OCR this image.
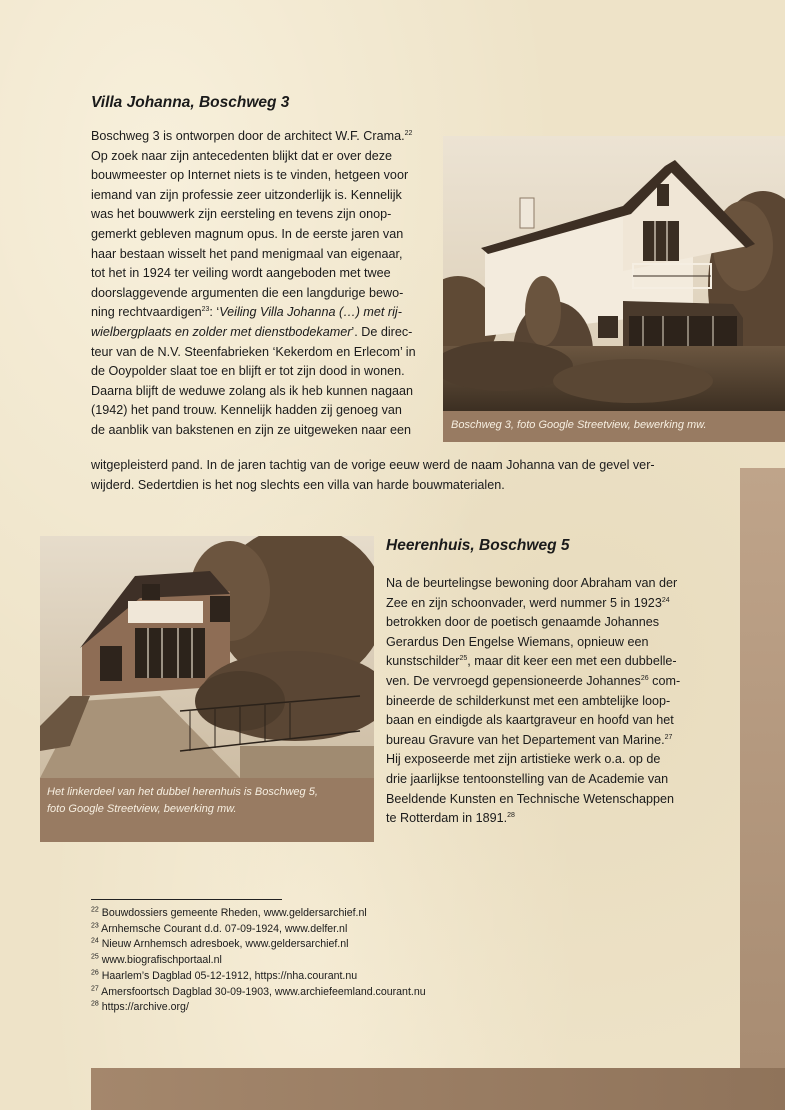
Villa Johanna, Boschweg 3
Boschweg 3 is ontworpen door de architect W.F. Crama.$^{22}$
Op zoek naar zijn antecedenten blijkt dat er over deze
bouwmeester op Internet niets is te vinden, hetgeen voor
iemand van zijn professie zeer uitzonderlijk is. Kennelijk
was het bouwwerk zijn eersteling en tevens zijn onop-
gemerkt gebleven magnum opus. In de eerste jaren van
haar bestaan wisselt het pand menigmaal van eigenaar,
tot het in 1924 ter veiling wordt aangeboden met twee
doorslaggevende argumenten die een langdurige bewo-
ning rechtvaardigen$^{23}$: ‘Veiling Villa Johanna (…) met rij-
wielbergplaats en zolder met dienstbodekamer’. De direc-
teur van de N.V. Steenfabrieken ‘Kekerdom en Erlecom’ in
de Ooypolder slaat toe en blijft er tot zijn dood in wonen.
Daarna blijft de weduwe zolang als ik heb kunnen nagaan
(1942) het pand trouw. Kennelijk hadden zij genoeg van
de aanblik van bakstenen en zijn ze uitgeweken naar een
witgepleisterd pand. In de jaren tachtig van de vorige eeuw werd de naam Johanna van de gevel ver-
wijderd. Sedertdien is het nog slechts een villa van harde bouwmaterialen.

Boschweg 3, foto Google Streetview, bewerking mw.

Het linkerdeel van het dubbel herenhuis is Boschweg 5,
foto Google Streetview, bewerking mw.

Heerenhuis, Boschweg 5
Na de beurtelingse bewoning door Abraham van der
Zee en zijn schoonvader, werd nummer 5 in 1923$^{24}$
betrokken door de poetisch genaamde Johannes
Gerardus Den Engelse Wiemans, opnieuw een
kunstschilder$^{25}$, maar dit keer een met een dubbelle-
ven. De vervroegd gepensioneerde Johannes$^{26}$ com-
bineerde de schilderkunst met een ambtelijke loop-
baan en eindigde als kaartgraveur en hoofd van het
bureau Gravure van het Departement van Marine.$^{27}$
Hij exposeerde met zijn artistieke werk o.a. op de
drie jaarlijkse tentoonstelling van de Academie van
Beeldende Kunsten en Technische Wetenschappen
te Rotterdam in 1891.28
$^{22}$ Bouwdossiers gemeente Rheden, www.geldersarchief.nl
$^{23}$ Arnhemsche Courant d.d. 07-09-1924, www.delfer.nl
$^{24}$ Nieuw Arnhemsch adresboek, www.geldersarchief.nl
$^{25}$ www.biografischportaal.nl
$^{26}$ Haarlem’s Dagblad 05-12-1912, https://nha.courant.nu
$^{27}$ Amersfoortsch Dagblad 30-09-1903, www.archiefeemland.courant.nu
$^{28}$ https://archive.org/
